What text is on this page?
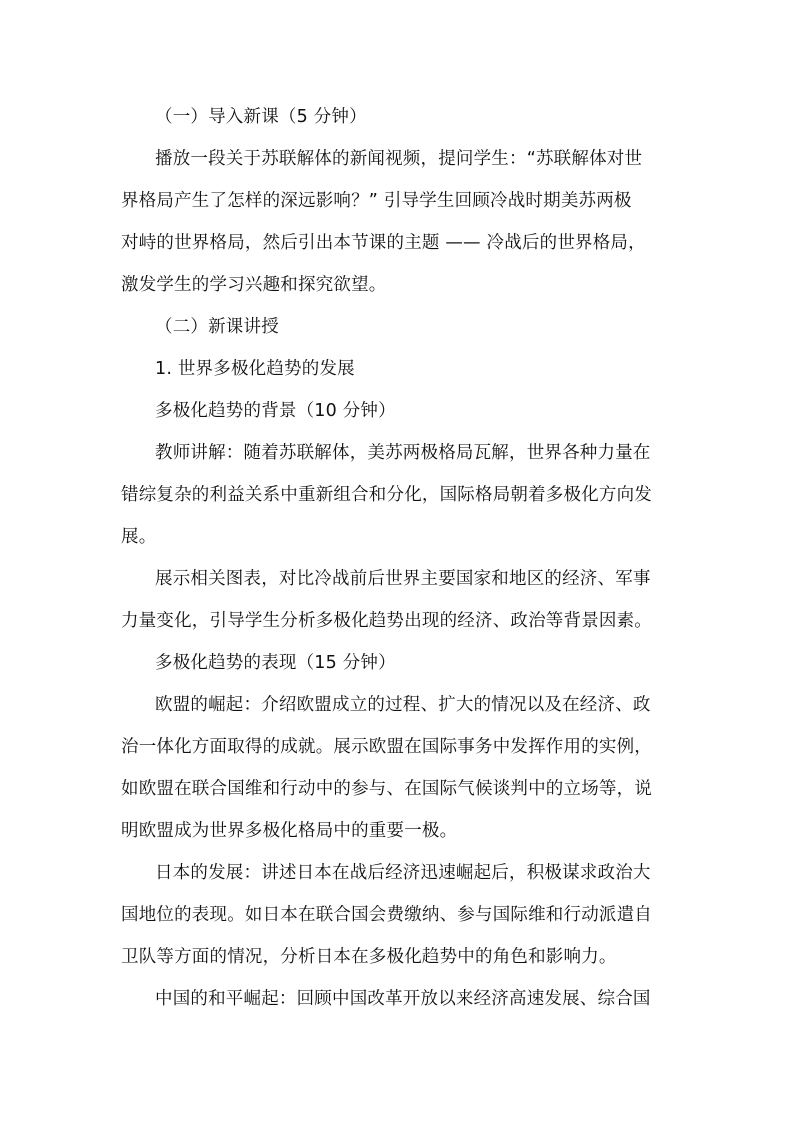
（一）导入新课（5 分钟）
播放一段关于苏联解体的新闻视频，提问学生：“苏联解体对世
界格局产生了怎样的深远影响？” 引导学生回顾冷战时期美苏两极
对峙的世界格局，然后引出本节课的主题 —— 冷战后的世界格局，
激发学生的学习兴趣和探究欲望。
（二）新课讲授
1. 世界多极化趋势的发展
多极化趋势的背景（10 分钟）
教师讲解：随着苏联解体，美苏两极格局瓦解，世界各种力量在
错综复杂的利益关系中重新组合和分化，国际格局朝着多极化方向发
展。
展示相关图表，对比冷战前后世界主要国家和地区的经济、军事
力量变化，引导学生分析多极化趋势出现的经济、政治等背景因素。
多极化趋势的表现（15 分钟）
欧盟的崛起：介绍欧盟成立的过程、扩大的情况以及在经济、政
治一体化方面取得的成就。展示欧盟在国际事务中发挥作用的实例，
如欧盟在联合国维和行动中的参与、在国际气候谈判中的立场等，说
明欧盟成为世界多极化格局中的重要一极。
日本的发展：讲述日本在战后经济迅速崛起后，积极谋求政治大
国地位的表现。如日本在联合国会费缴纳、参与国际维和行动派遣自
卫队等方面的情况，分析日本在多极化趋势中的角色和影响力。
中国的和平崛起：回顾中国改革开放以来经济高速发展、综合国
